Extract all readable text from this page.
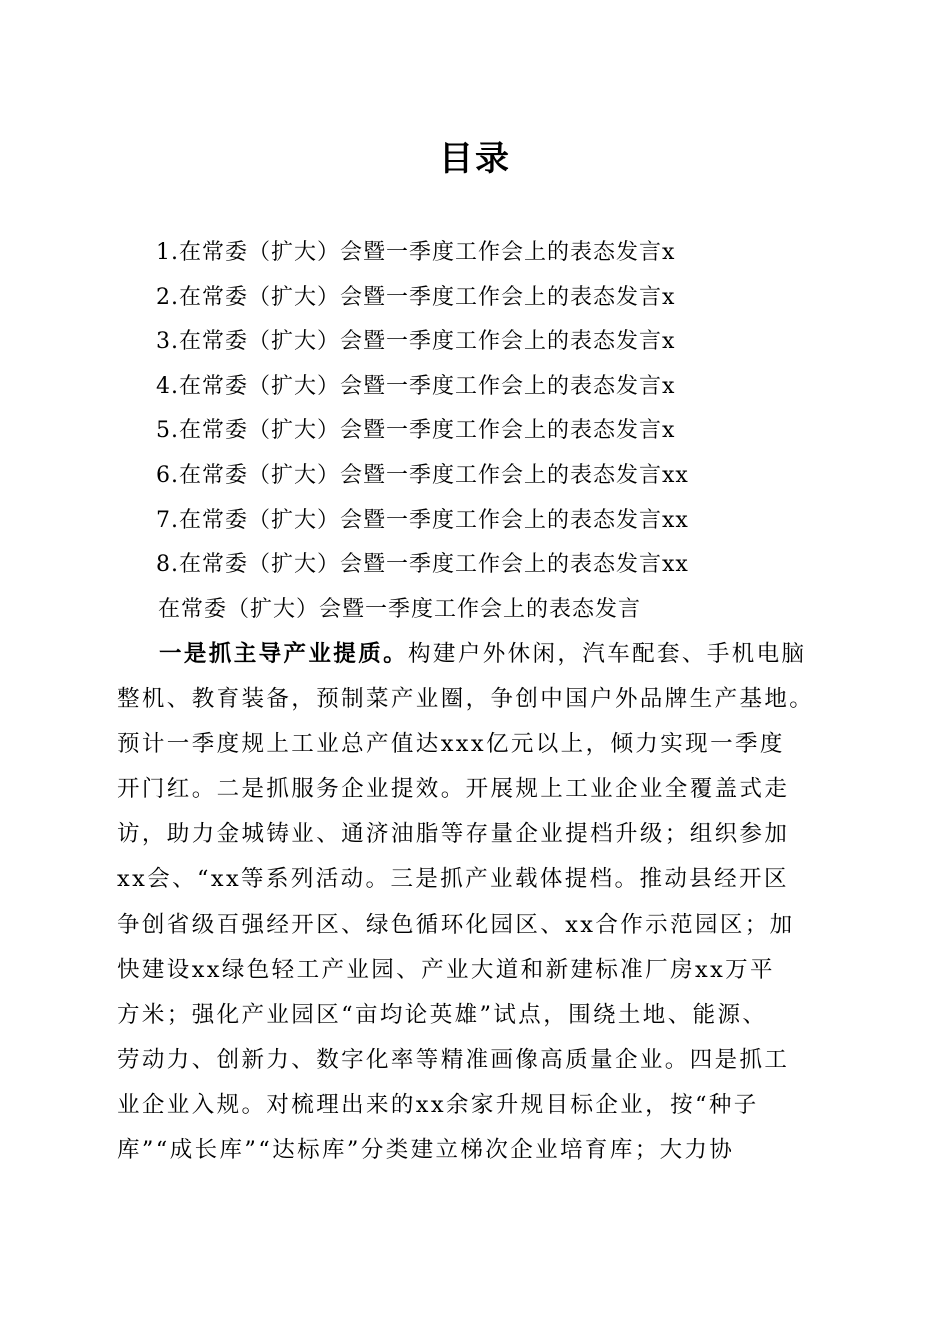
目录
1.在常委（扩大）会暨一季度工作会上的表态发言x
2.在常委（扩大）会暨一季度工作会上的表态发言x
3.在常委（扩大）会暨一季度工作会上的表态发言x
4.在常委（扩大）会暨一季度工作会上的表态发言x
5.在常委（扩大）会暨一季度工作会上的表态发言x
6.在常委（扩大）会暨一季度工作会上的表态发言xx
7.在常委（扩大）会暨一季度工作会上的表态发言xx
8.在常委（扩大）会暨一季度工作会上的表态发言xx
在常委（扩大）会暨一季度工作会上的表态发言
一是抓主导产业提质。构建户外休闲，汽车配套、手机电脑
整机、教育装备，预制菜产业圈，争创中国户外品牌生产基地。
预计一季度规上工业总产值达xxx亿元以上，倾力实现一季度
开门红。二是抓服务企业提效。开展规上工业企业全覆盖式走
访，助力金城铸业、通济油脂等存量企业提档升级；组织参加
xx会、“xx等系列活动。三是抓产业载体提档。推动县经开区
争创省级百强经开区、绿色循环化园区、xx合作示范园区；加
快建设xx绿色轻工产业园、产业大道和新建标准厂房xx万平
方米；强化产业园区“亩均论英雄”试点，围绕土地、能源、
劳动力、创新力、数字化率等精准画像高质量企业。四是抓工
业企业入规。对梳理出来的xx余家升规目标企业，按“种子
库”“成长库”“达标库”分类建立梯次企业培育库；大力协
